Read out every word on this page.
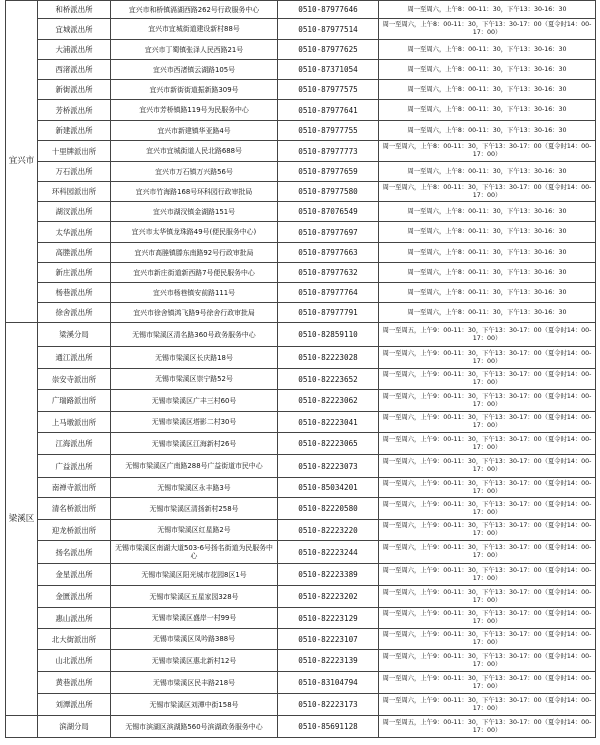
宜兴市	和桥派出所	宜兴市和桥镇滆湖西路262号行政服务中心	0510-87977646	周一至周六，上午8：00-11：30，下午13：30-16：30
	宜城派出所	宜兴市宜城街道建设新村88号	0510-87977514	周一至周六，上午8：00-11：30，下午13：30-17：00（夏令时14：00-17：00）
	大浦派出所	宜兴市丁蜀镇张泽人民西路21号	0510-87977625	周一至周六，上午8：00-11：30，下午13：30-16：30
	西渚派出所	宜兴市西渚镇云湖路105号	0510-87371054	周一至周六，上午8：00-11：30，下午13：30-16：30
	新街派出所	宜兴市新街街道振新路309号	0510-87977575	周一至周六，上午8：00-11：30，下午13：30-16：30
	芳桥派出所	宜兴市芳桥镇路119号为民服务中心	0510-87977641	周一至周六，上午8：00-11：30，下午13：30-16：30
	新建派出所	宜兴市新建镇华亚路4号	0510-87977755	周一至周六，上午8：00-11：30，下午13：30-16：30
	十里牌派出所	宜兴市宜城街道人民北路688号	0510-87977773	周一至周六，上午8：00-11：30，下午13：30-17：00（夏令时14：00-17：00）
	万石派出所	宜兴市万石镇万兴路56号	0510-87977659	周一至周六，上午8：00-11：30，下午13：30-16：30
	环科园派出所	宜兴市竹海路168号环科园行政审批局	0510-87977580	周一至周六，上午8：00-11：30，下午13：30-17：00（夏令时14：00-17：00）
	湖汊派出所	宜兴市湖汊镇金湖路151号	0510-87076549	周一至周六，上午8：00-11：30，下午13：30-16：30
	太华派出所	宜兴市太华镇龙珠路49号(便民服务中心)	0510-87977697	周一至周六，上午8：00-11：30，下午13：30-16：30
	高塍派出所	宜兴市高塍镇滕东南路92号行政审批局	0510-87977663	周一至周六，上午8：00-11：30，下午13：30-16：30
	新庄派出所	宜兴市新庄街道新西路7号便民服务中心	0510-87977632	周一至周六，上午8：00-11：30，下午13：30-16：30
	杨巷派出所	宜兴市杨巷镇安前路111号	0510-87977764	周一至周六，上午8：00-11：30，下午13：30-16：30
	徐舍派出所	宜兴市徐舍镇鸿飞路9号徐舍行政审批局	0510-87977791	周一至周六，上午8：00-11：30，下午13：30-16：30
梁溪区	梁溪分局	无锡市梁溪区清名路360号政务服务中心	0510-82859110	周一至周五，上午9：00-11：30，下午13：30-17：00（夏令时14：00-17：00）
	通江派出所	无锡市梁溪区长庆路18号	0510-82223028	周一至周六，上午9：00-11：30，下午13：30-17：00（夏令时14：00-17：00）
	崇安寺派出所	无锡市梁溪区崇宁路52号	0510-82223652	周一至周六，上午9：00-11：30，下午13：30-17：00（夏令时14：00-17：00）
	广瑞路派出所	无锡市梁溪区广丰三村60号	0510-82223062	周一至周六，上午9：00-11：30，下午13：30-17：00（夏令时14：00-17：00）
	上马墩派出所	无锡市梁溪区塔影二村30号	0510-82223041	周一至周六，上午9：00-11：30，下午13：30-17：00（夏令时14：00-17：00）
	江海派出所	无锡市梁溪区江海新村26号	0510-82223065	周一至周六，上午9：00-11：30，下午13：30-17：00（夏令时14：00-17：00）
	广益派出所	无锡市梁溪区广南路288号广益街道市民中心	0510-82223073	周一至周六，上午9：00-11：30，下午13：30-17：00（夏令时14：00-17：00）
	南禅寺派出所	无锡市梁溪区永丰路3号	0510-85034201	周一至周六，上午9：00-11：30，下午13：30-17：00（夏令时14：00-17：00）
	清名桥派出所	无锡市梁溪区清扬新村258号	0510-82220580	周一至周六，上午9：00-11：30，下午13：30-17：00（夏令时14：00-17：00）
	迎龙桥派出所	无锡市梁溪区红星路2号	0510-82223220	周一至周六，上午9：00-11：30，下午13：30-17：00（夏令时14：00-17：00）
	扬名派出所	无锡市梁溪区南湖大道503-6号扬名街道为民服务中心	0510-82223244	周一至周六，上午9：00-11：30，下午13：30-17：00（夏令时14：00-17：00）
	金星派出所	无锡市梁溪区阳光城市花园8区1号	0510-82223389	周一至周六，上午9：00-11：30，下午13：30-17：00（夏令时14：00-17：00）
	金匮派出所	无锡市梁溪区五星家园328号	0510-82223202	周一至周六，上午9：00-11：30，下午13：30-17：00（夏令时14：00-17：00）
	惠山派出所	无锡市梁溪区盛岸一村99号	0510-82223129	周一至周六，上午9：00-11：30，下午13：30-17：00（夏令时14：00-17：00）
	北大街派出所	无锡市梁溪区凤吟路388号	0510-82223107	周一至周六，上午9：00-11：30，下午13：30-17：00（夏令时14：00-17：00）
	山北派出所	无锡市梁溪区惠北新村12号	0510-82223139	周一至周六，上午9：00-11：30，下午13：30-17：00（夏令时14：00-17：00）
	黄巷派出所	无锡市梁溪区民丰路218号	0510-83104794	周一至周六，上午9：00-11：30，下午13：30-17：00（夏令时14：00-17：00）
	刘潭派出所	无锡市梁溪区刘潭中街158号	0510-82223173	周一至周六，上午9：00-11：30，下午13：30-17：00（夏令时14：00-17：00）
	滨湖分局	无锡市滨湖区滨湖路560号滨湖政务服务中心	0510-85691128	周一至周五，上午9：00-11：30，下午13：30-17：00（夏令时14：00-17：00）
